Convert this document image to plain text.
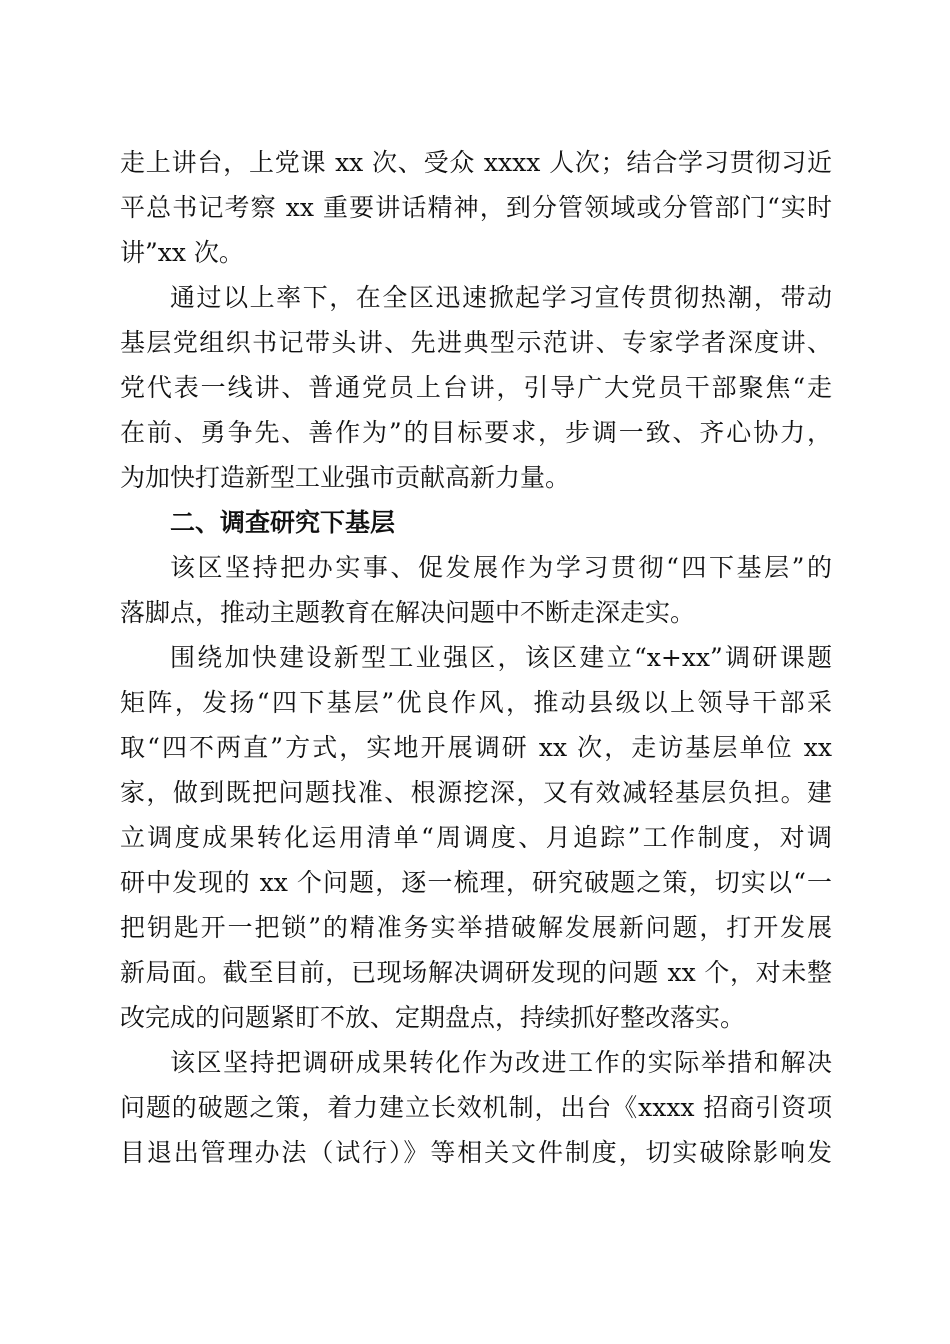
走上讲台，上党课 xx 次、受众 xxxx 人次；结合学习贯彻习近
平总书记考察 xx 重要讲话精神，到分管领域或分管部门“实时
讲”xx 次。
通过以上率下，在全区迅速掀起学习宣传贯彻热潮，带动
基层党组织书记带头讲、先进典型示范讲、专家学者深度讲、
党代表一线讲、普通党员上台讲，引导广大党员干部聚焦“走
在前、勇争先、善作为”的目标要求，步调一致、齐心协力，
为加快打造新型工业强市贡献高新力量。
二、调查研究下基层
该区坚持把办实事、促发展作为学习贯彻“四下基层”的
落脚点，推动主题教育在解决问题中不断走深走实。
围绕加快建设新型工业强区，该区建立“x+xx”调研课题
矩阵，发扬“四下基层”优良作风，推动县级以上领导干部采
取“四不两直”方式，实地开展调研 xx 次，走访基层单位 xx
家，做到既把问题找准、根源挖深，又有效减轻基层负担。建
立调度成果转化运用清单“周调度、月追踪”工作制度，对调
研中发现的 xx 个问题，逐一梳理，研究破题之策，切实以“一
把钥匙开一把锁”的精准务实举措破解发展新问题，打开发展
新局面。截至目前，已现场解决调研发现的问题 xx 个，对未整
改完成的问题紧盯不放、定期盘点，持续抓好整改落实。
该区坚持把调研成果转化作为改进工作的实际举措和解决
问题的破题之策，着力建立长效机制，出台《xxxx 招商引资项
目退出管理办法（试行）》等相关文件制度，切实破除影响发
